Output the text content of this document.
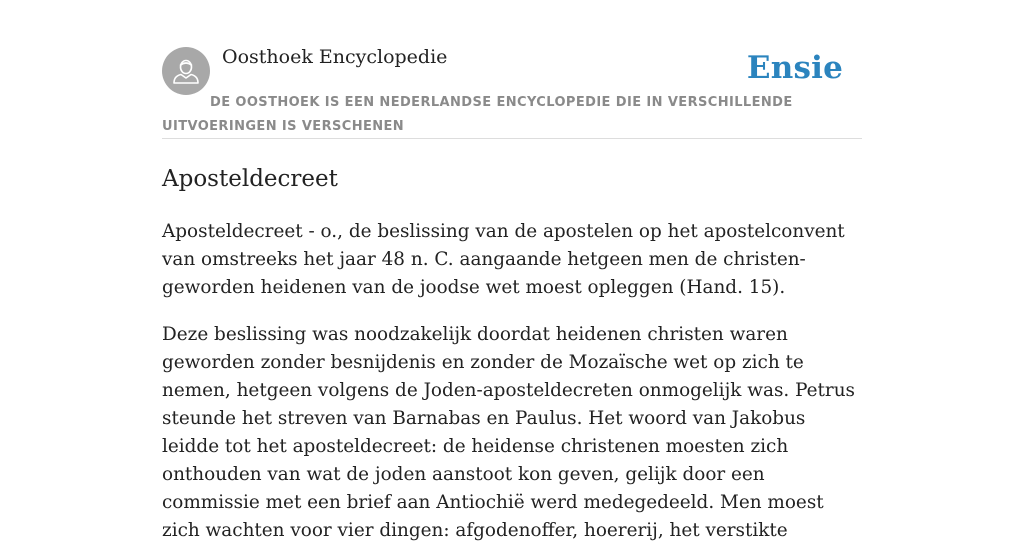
Oosthoek Encyclopedie	Ensie
DE OOSTHOEK IS EEN NEDERLANDSE ENCYCLOPEDIE DIE IN VERSCHILLENDE UITVOERINGEN IS VERSCHENEN
Aposteldecreet

Aposteldecreet - o., de beslissing van de apostelen op het apostelconvent van omstreeks het jaar 48 n. C. aangaande hetgeen men de christen-geworden heidenen van de joodse wet moest opleggen (Hand. 15).

Deze beslissing was noodzakelijk doordat heidenen christen waren geworden zonder besnijdenis en zonder de Mozaïsche wet op zich te nemen, hetgeen volgens de Joden-aposteldecreten onmogelijk was. Petrus steunde het streven van Barnabas en Paulus. Het woord van Jakobus leidde tot het aposteldecreet: de heidense christenen moesten zich onthouden van wat de joden aanstoot kon geven, gelijk door een commissie met een brief aan Antiochië werd medegedeeld. Men moest zich wachten voor vier dingen: afgodenoffer, hoererij, het verstikte
